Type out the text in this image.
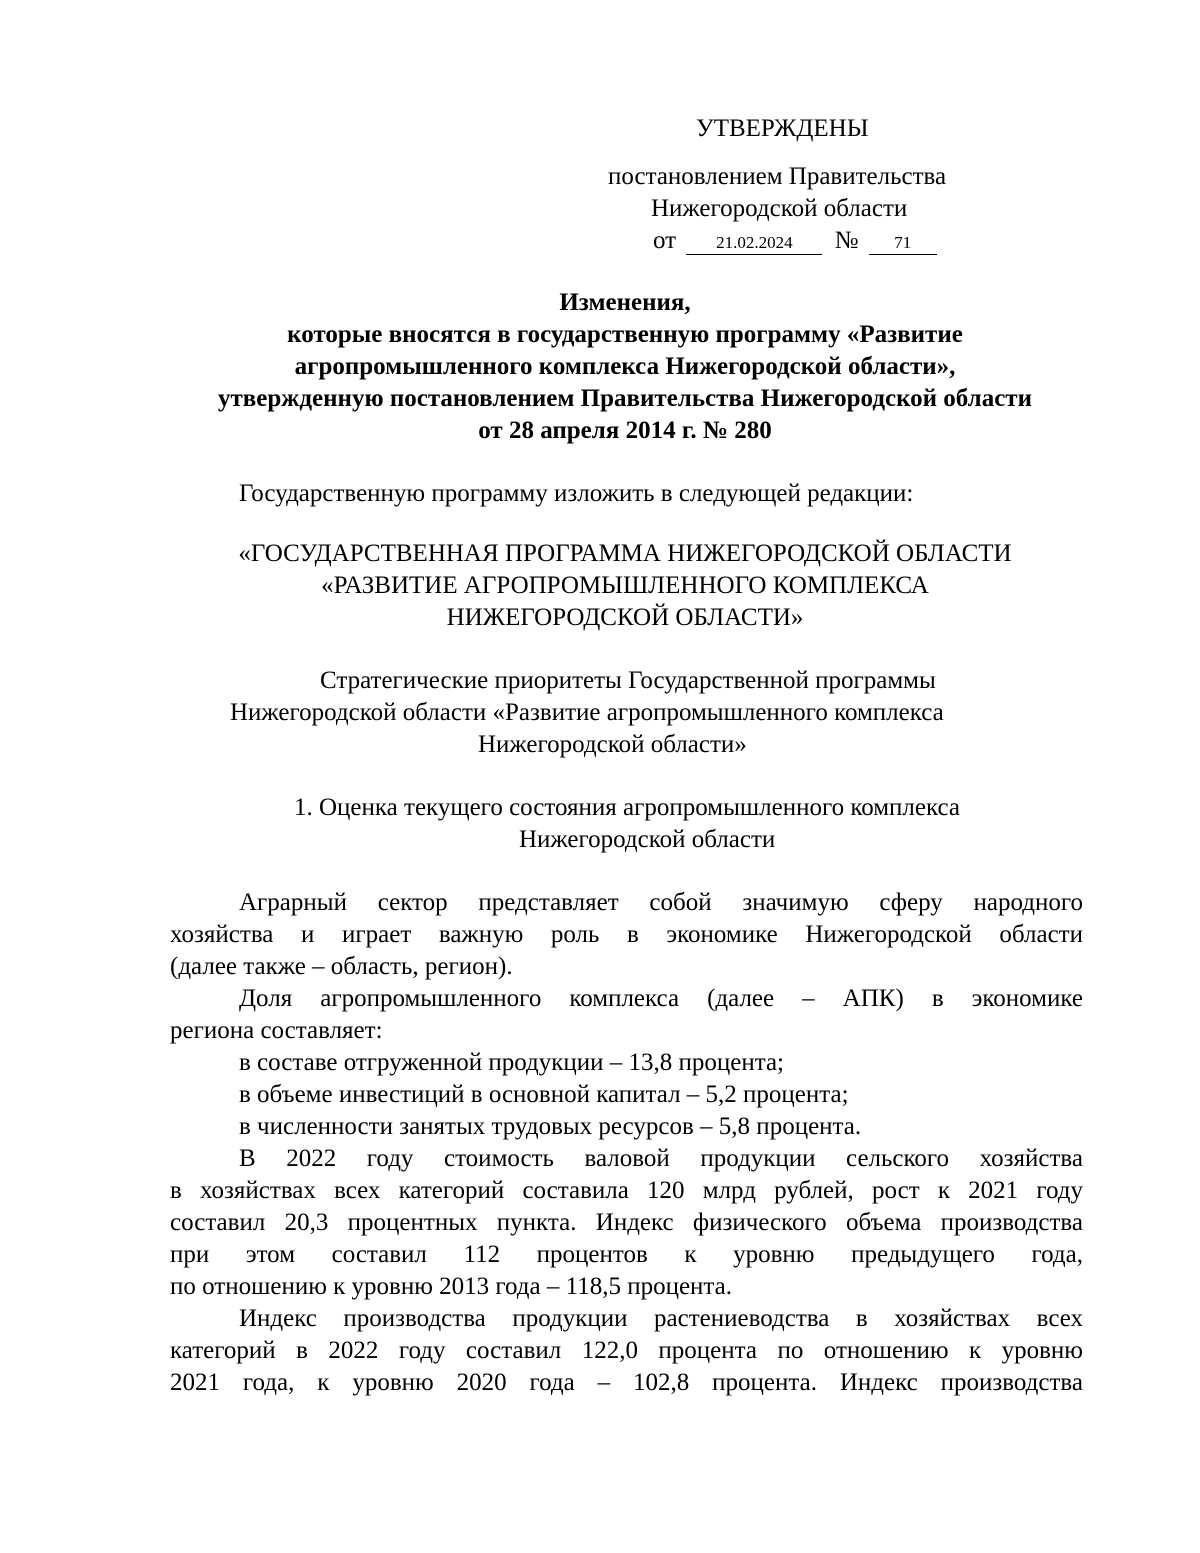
УТВЕРЖДЕНЫ
постановлением Правительства
Нижегородской области
от 21.02.2024 № 71
Изменения,
которые вносятся в государственную программу «Развитие
агропромышленного комплекса Нижегородской области»,
утвержденную постановлением Правительства Нижегородской области
от 28 апреля 2014 г. № 280
Государственную программу изложить в следующей редакции:
«ГОСУДАРСТВЕННАЯ ПРОГРАММА НИЖЕГОРОДСКОЙ ОБЛАСТИ
«РАЗВИТИЕ АГРОПРОМЫШЛЕННОГО КОМПЛЕКСА
НИЖЕГОРОДСКОЙ ОБЛАСТИ»
Стратегические приоритеты Государственной программы
Нижегородской области «Развитие агропромышленного комплекса
Нижегородской области»
1. Оценка текущего состояния агропромышленного комплекса
Нижегородской области
Аграрный сектор представляет собой значимую сферу народного
хозяйства и играет важную роль в экономике Нижегородской области
(далее также – область, регион).
Доля агропромышленного комплекса (далее – АПК) в экономике
региона составляет:
в составе отгруженной продукции – 13,8 процента;
в объеме инвестиций в основной капитал – 5,2 процента;
в численности занятых трудовых ресурсов – 5,8 процента.
В 2022 году стоимость валовой продукции сельского хозяйства
в хозяйствах всех категорий составила 120 млрд рублей, рост к 2021 году
составил 20,3 процентных пункта. Индекс физического объема производства
при этом составил 112 процентов к уровню предыдущего года,
по отношению к уровню 2013 года – 118,5 процента.
Индекс производства продукции растениеводства в хозяйствах всех
категорий в 2022 году составил 122,0 процента по отношению к уровню
2021 года, к уровню 2020 года – 102,8 процента. Индекс производства
